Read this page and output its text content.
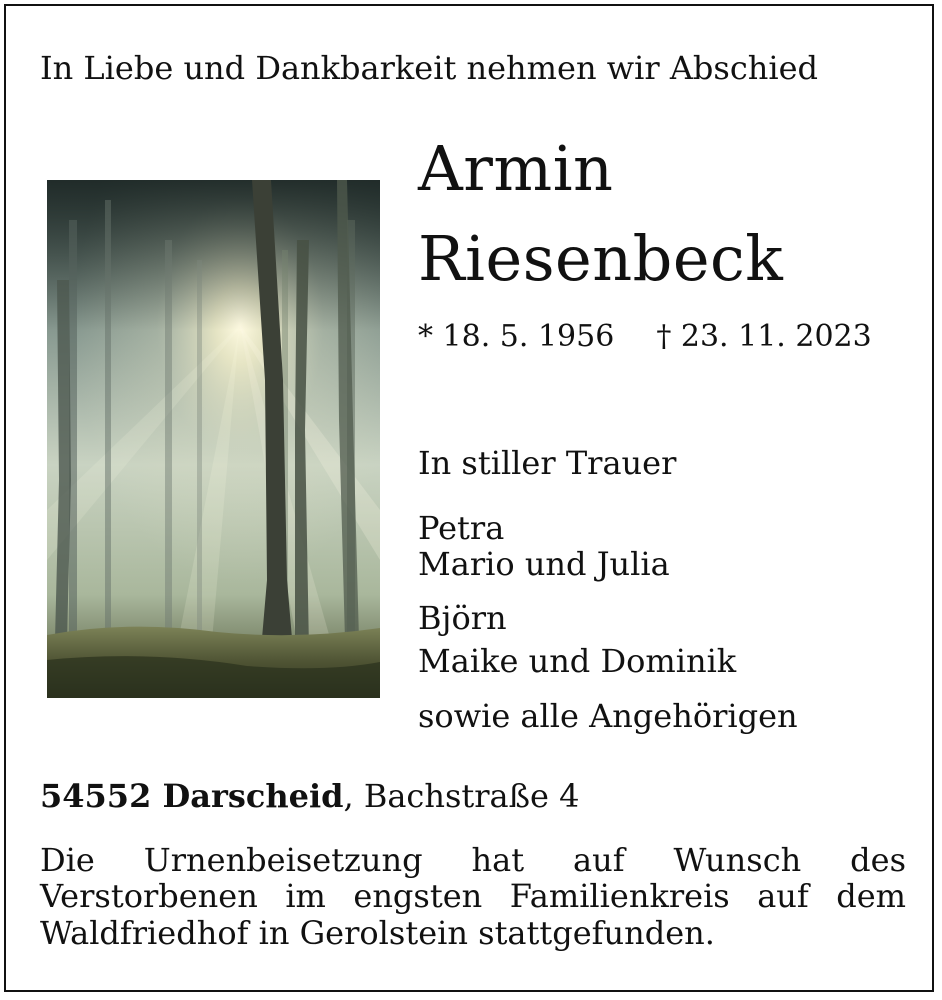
In Liebe und Dankbarkeit nehmen wir Abschied
Armin
Riesenbeck
* 18. 5. 1956 † 23. 11. 2023
In stiller Trauer
Petra
Mario und Julia
Björn
Maike und Dominik
sowie alle Angehörigen
54552 Darscheid, Bachstraße 4
Die Urnenbeisetzung hat auf Wunsch des
Verstorbenen im engsten Familienkreis auf dem
Waldfriedhof in Gerolstein stattgefunden.
